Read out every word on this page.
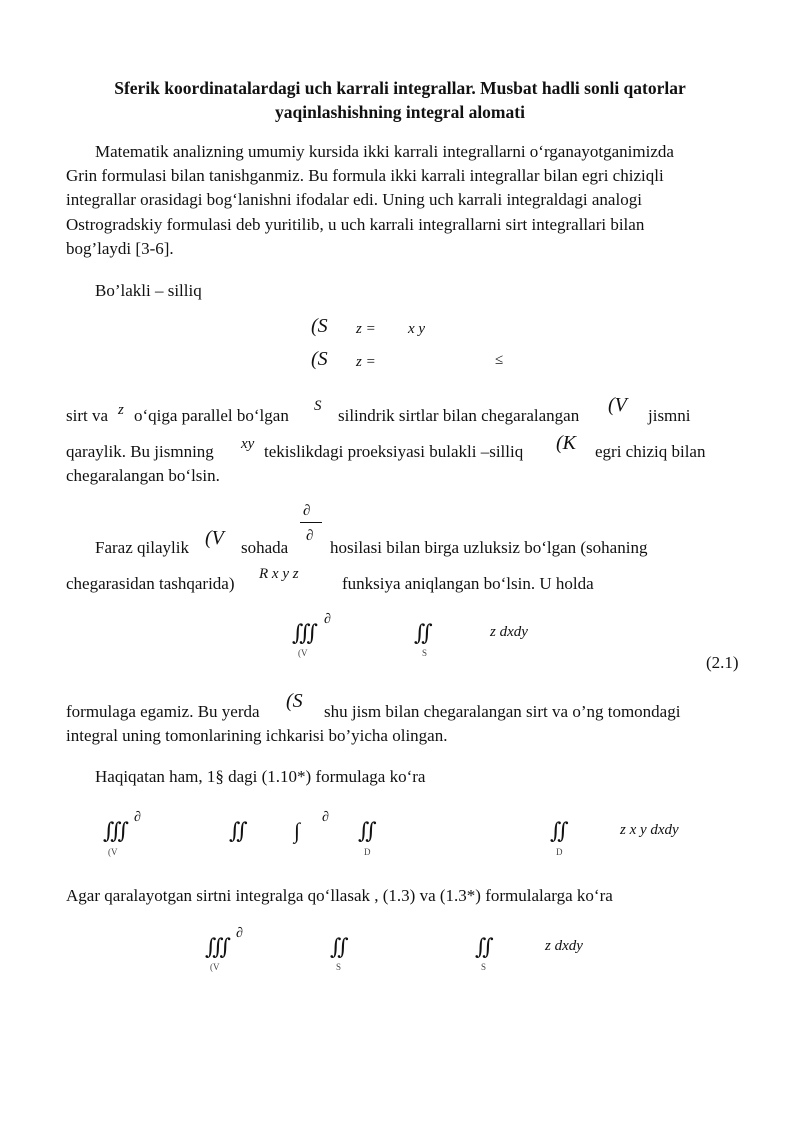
Sferik koordinatalardagi uch karrali integrallar. Musbat hadli sonli qatorlar
yaqinlashishning integral alomati
Matematik analizning umumiy kursida ikki karrali integrallarni o‘rganayotganimizda
Grin formulasi bilan tanishganmiz. Bu formula ikki karrali integrallar bilan egri chiziqli
integrallar orasidagi bog‘lanishni ifodalar edi. Uning uch karrali integraldagi analogi
Ostrogradskiy formulasi deb yuritilib, u uch karrali integrallarni sirt integrallari bilan
bog’laydi [3-6].
Bo’lakli – silliq
(S z = x y
(S z =	≤
sirt va z o‘qiga parallel bo‘lgan S silindrik sirtlar bilan chegaralangan (V jismni
qaraylik. Bu jismning xy tekislikdagi proeksiyasi bulakli –silliq (K egri chiziq bilan
chegaralangan bo‘lsin.
∂
∂
Faraz qilaylik (V sohada hosilasi bilan birga uzluksiz bo‘lgan (sohaning
chegarasidan tashqarida) R x y z	funksiya aniqlangan bo‘lsin. U holda
∭
∂
(V
∬
S
z dxdy
(2.1)
formulaga egamiz. Bu yerda (S shu jism bilan chegaralangan sirt va o’ng tomondagi
integral uning tomonlarining ichkarisi bo’yicha olingan.
Haqiqatan ham, 1§ dagi (1.10*) formulaga ko‘ra
∭
∂
(V
∬ ∫
∂
∬
D
∬
D
z x y dxdy
Agar qaralayotgan sirtni integralga qo‘llasak , (1.3) va (1.3*) formulalarga ko‘ra
∭
∂
(V
∬
S
∬
S
z dxdy
